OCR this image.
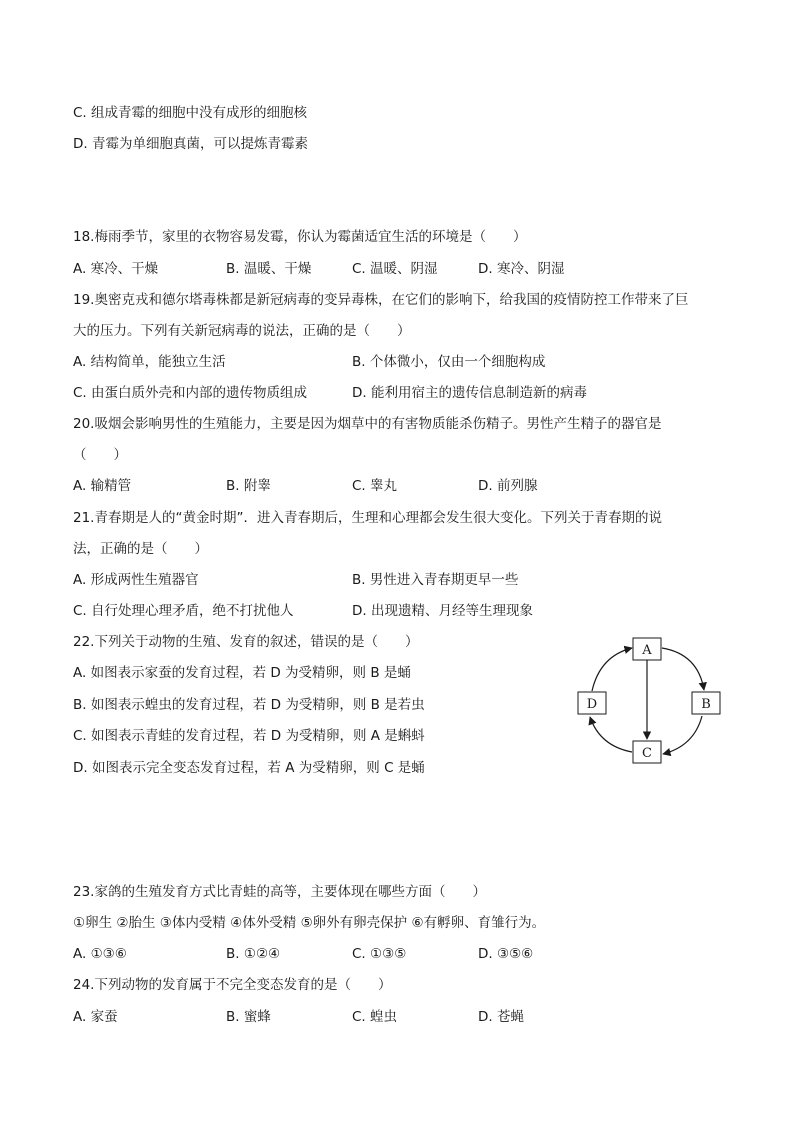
C. 组成青霉的细胞中没有成形的细胞核
D. 青霉为单细胞真菌，可以提炼青霉素
18.梅雨季节，家里的衣物容易发霉，你认为霉菌适宜生活的环境是（　　）
A. 寒冷、干燥	B. 温暖、干燥	C. 温暖、阴湿	D. 寒冷、阴湿
19.奥密克戎和德尔塔毒株都是新冠病毒的变异毒株，在它们的影响下，给我国的疫情防控工作带来了巨
大的压力。下列有关新冠病毒的说法，正确的是（　　）
A. 结构简单，能独立生活	B. 个体微小，仅由一个细胞构成
C. 由蛋白质外壳和内部的遗传物质组成	D. 能利用宿主的遗传信息制造新的病毒
20.吸烟会影响男性的生殖能力，主要是因为烟草中的有害物质能杀伤精子。男性产生精子的器官是
（　　）
A. 输精管	B. 附睾	C. 睾丸	D. 前列腺
21.青春期是人的“黄金时期”．进入青春期后，生理和心理都会发生很大变化。下列关于青春期的说
法，正确的是（　　）
A. 形成两性生殖器官	B. 男性进入青春期更早一些
C. 自行处理心理矛盾，绝不打扰他人	D. 出现遗精、月经等生理现象
22.下列关于动物的生殖、发育的叙述，错误的是（　　）
A. 如图表示家蚕的发育过程，若 D 为受精卵，则 B 是蛹
B. 如图表示蝗虫的发育过程，若 D 为受精卵，则 B 是若虫
C. 如图表示青蛙的发育过程，若 D 为受精卵，则 A 是蝌蚪
D. 如图表示完全变态发育过程，若 A 为受精卵，则 C 是蛹
A
B
C
D
23.家鸽的生殖发育方式比青蛙的高等，主要体现在哪些方面（　　）
①卵生 ②胎生 ③体内受精 ④体外受精 ⑤卵外有卵壳保护 ⑥有孵卵、育雏行为。
A. ①③⑥	B. ①②④	C. ①③⑤	D. ③⑤⑥
24.下列动物的发育属于不完全变态发育的是（　　）
A. 家蚕	B. 蜜蜂	C. 蝗虫	D. 苍蝇
